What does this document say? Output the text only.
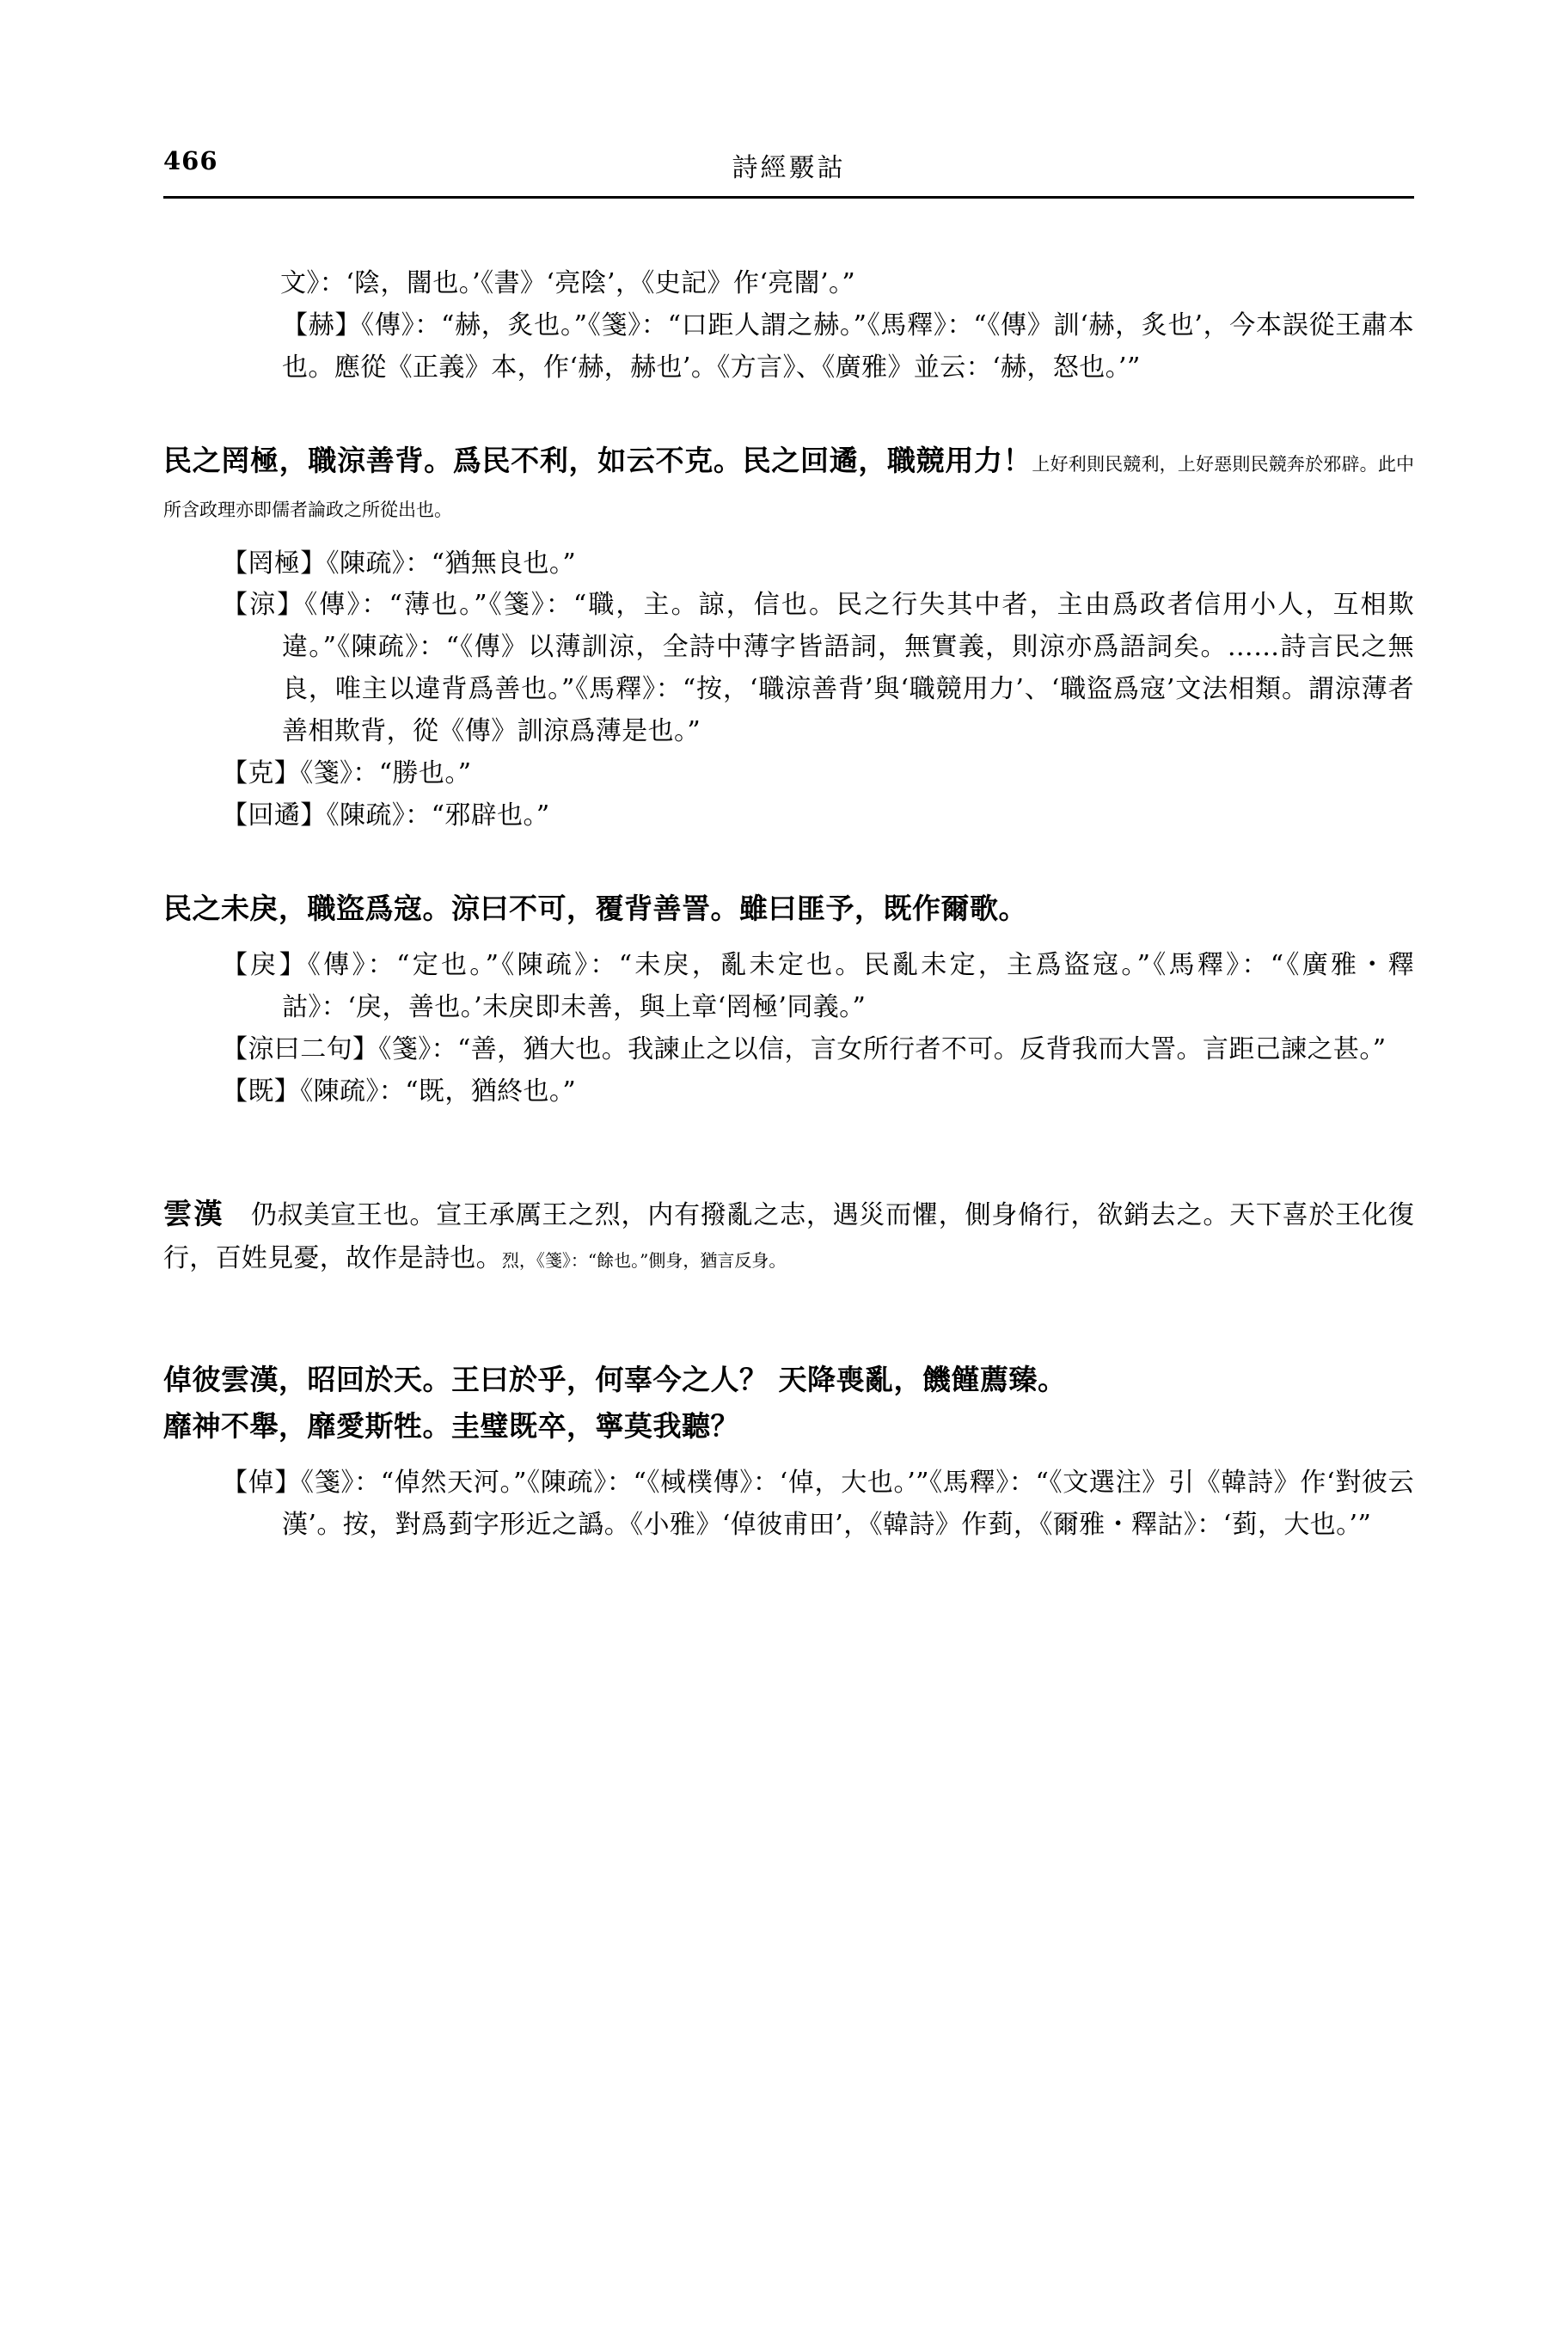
466	詩經覈詁
文》：‘陰，闇也。’《書》‘亮陰’，《史記》作‘亮闇’。”
【赫】《傳》：“赫，炙也。”《箋》：“口距人謂之赫。”《馬釋》：“《傳》訓‘赫，炙也’，今本誤從王肅本也。應從《正義》本，作‘赫，赫也’。《方言》、《廣雅》並云：‘赫，怒也。’”
民之罔極，職涼善背。爲民不利，如云不克。民之回遹，職競用力！上好利則民競利，上好惡則民競奔於邪辟。此中所含政理亦即儒者論政之所從出也。
【罔極】《陳疏》：“猶無良也。”
【涼】《傳》：“薄也。”《箋》：“職，主。諒，信也。民之行失其中者，主由爲政者信用小人，互相欺違。”《陳疏》：“《傳》以薄訓涼，全詩中薄字皆語詞，無實義，則涼亦爲語詞矣。……詩言民之無良，唯主以違背爲善也。”《馬釋》：“按，‘職涼善背’與‘職競用力’、‘職盜爲寇’文法相類。謂涼薄者善相欺背，從《傳》訓涼爲薄是也。”
【克】《箋》：“勝也。”
【回遹】《陳疏》：“邪辟也。”
民之未戾，職盜爲寇。涼曰不可，覆背善詈。雖曰匪予，既作爾歌。
【戾】《傳》：“定也。”《陳疏》：“未戾，亂未定也。民亂未定，主爲盜寇。”《馬釋》：“《廣雅・釋詁》：‘戾，善也。’未戾即未善，與上章‘罔極’同義。”
【涼曰二句】《箋》：“善，猶大也。我諫止之以信，言女所行者不可。反背我而大詈。言距己諫之甚。”
【既】《陳疏》：“既，猶終也。”
雲漢 仍叔美宣王也。宣王承厲王之烈，内有撥亂之志，遇災而懼，側身脩行，欲銷去之。天下喜於王化復行，百姓見憂，故作是詩也。烈，《箋》：“餘也。”側身，猶言反身。
倬彼雲漢，昭回於天。王曰於乎，何辜今之人？ 天降喪亂，饑饉薦臻。
靡神不舉，靡愛斯牲。圭璧既卒，寧莫我聽？
【倬】《箋》：“倬然天河。”《陳疏》：“《棫樸傳》：‘倬，大也。’”《馬釋》：“《文選注》引《韓詩》作‘對彼云漢’。按，對爲菿字形近之譌。《小雅》‘倬彼甫田’，《韓詩》作菿，《爾雅・釋詁》：‘菿，大也。’”
